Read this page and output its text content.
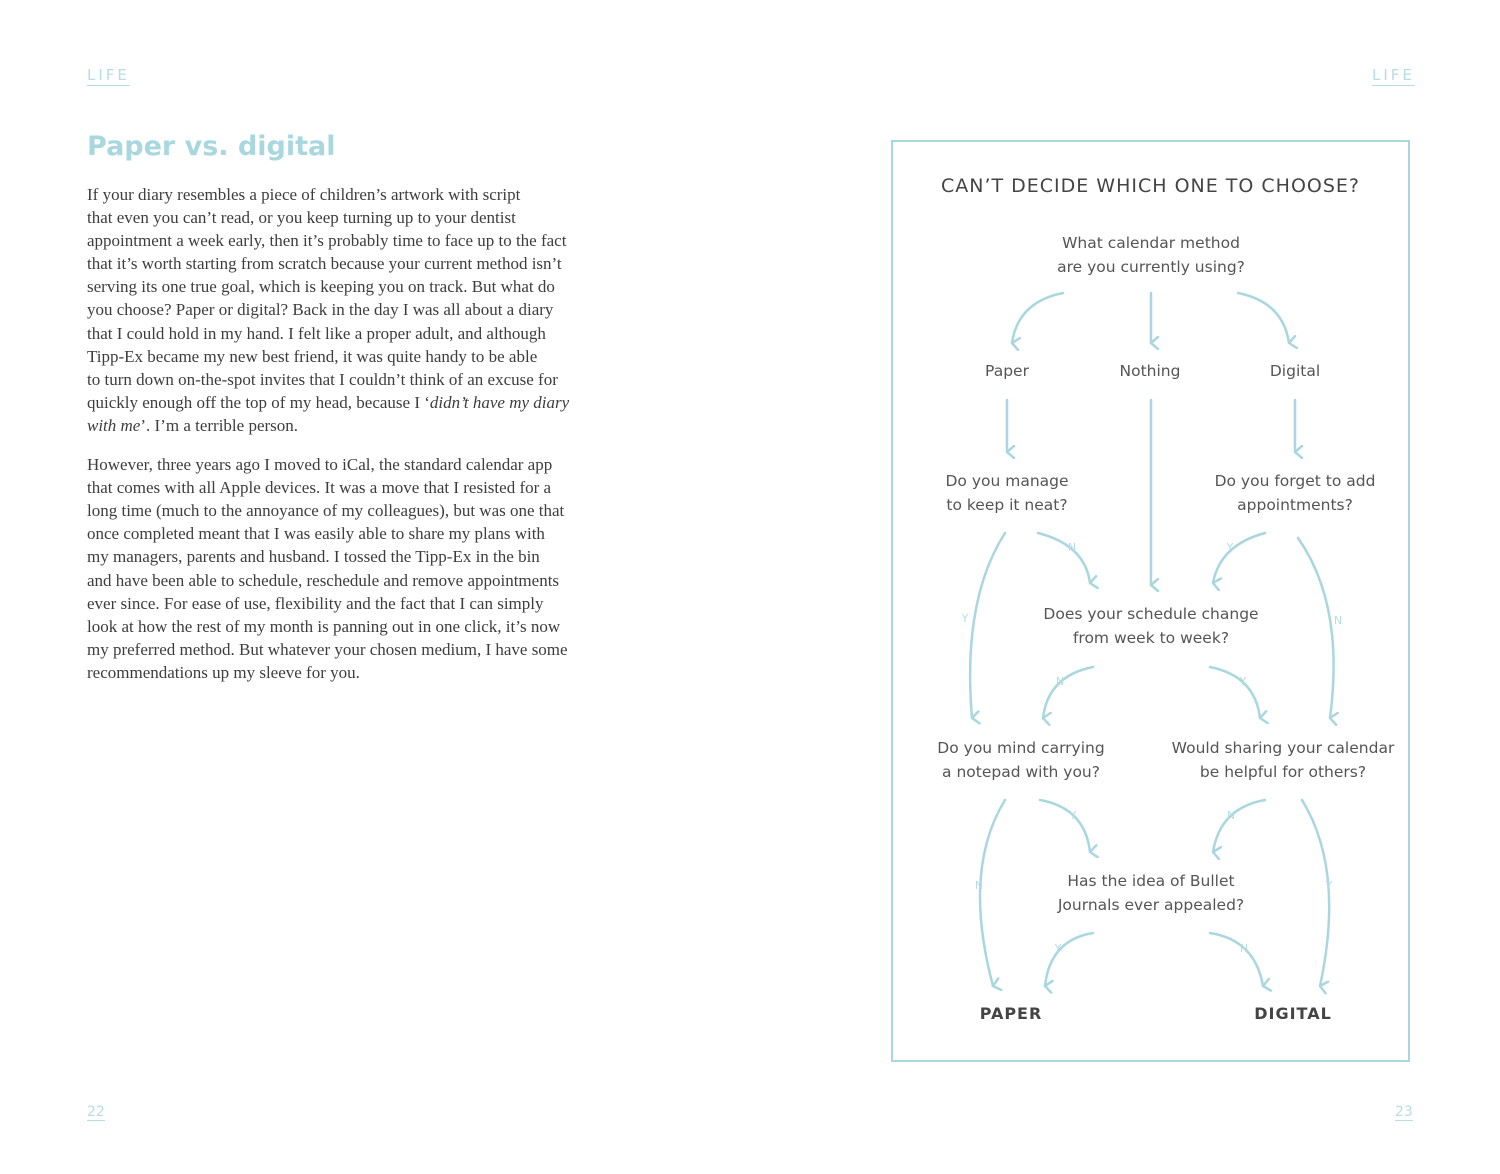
LIFE	LIFE
Paper vs. digital

If your diary resembles a piece of children’s artwork with script
that even you can’t read, or you keep turning up to your dentist
appointment a week early, then it’s probably time to face up to the fact
that it’s worth starting from scratch because your current method isn’t
serving its one true goal, which is keeping you on track. But what do
you choose? Paper or digital? Back in the day I was all about a diary
that I could hold in my hand. I felt like a proper adult, and although
Tipp-Ex became my new best friend, it was quite handy to be able
to turn down on-the-spot invites that I couldn’t think of an excuse for
quickly enough off the top of my head, because I ‘didn’t have my diary
with me’. I’m a terrible person.

However, three years ago I moved to iCal, the standard calendar app
that comes with all Apple devices. It was a move that I resisted for a
long time (much to the annoyance of my colleagues), but was one that
once completed meant that I was easily able to share my plans with
my managers, parents and husband. I tossed the Tipp-Ex in the bin
and have been able to schedule, reschedule and remove appointments
ever since. For ease of use, flexibility and the fact that I can simply
look at how the rest of my month is panning out in one click, it’s now
my preferred method. But whatever your chosen medium, I have some
recommendations up my sleeve for you.

22	23
CAN’T DECIDE WHICH ONE TO CHOOSE?
What calendar method
are you currently using?
Paper	Nothing	Digital
Do you manage
to keep it neat?
Do you forget to add
appointments?
Does your schedule change
from week to week?
Do you mind carrying
a notepad with you?
Would sharing your calendar
be helpful for others?
Has the idea of Bullet
Journals ever appealed?
PAPER	DIGITAL
N
Y
Y
N
N	Y
Y
N
N
Y
Y	N
